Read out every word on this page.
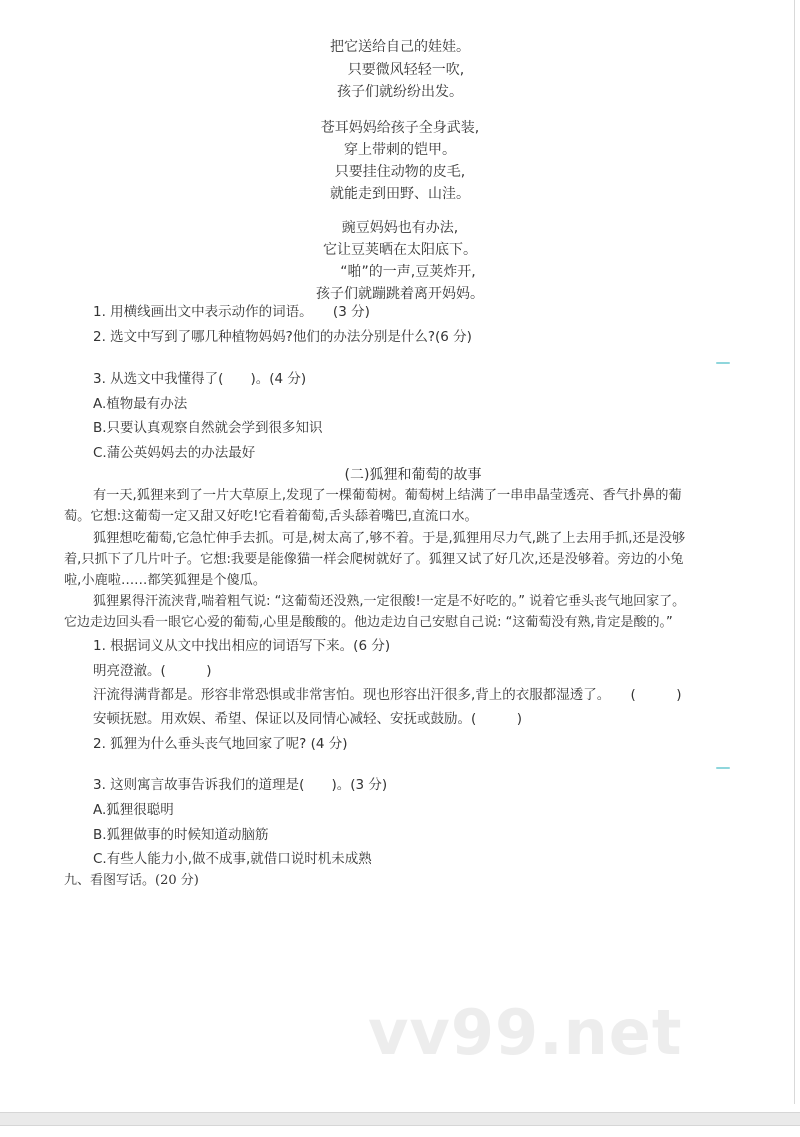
把它送给自己的娃娃。
只要微风轻轻一吹,
孩子们就纷纷出发。
苍耳妈妈给孩子全身武装,
穿上带刺的铠甲。
只要挂住动物的皮毛,
就能走到田野、山洼。
豌豆妈妈也有办法,
它让豆荚晒在太阳底下。
“啪”的一声,豆荚炸开,
孩子们就蹦跳着离开妈妈。
1. 用横线画出文中表示动作的词语。　　(3 分)
2. 选文中写到了哪几种植物妈妈?他们的办法分别是什么?(6 分)
3. 从选文中我懂得了(　　)。(4 分)
A.植物最有办法
B.只要认真观察自然就会学到很多知识
C.蒲公英妈妈去的办法最好
(二)狐狸和葡萄的故事
有一天,狐狸来到了一片大草原上,发现了一棵葡萄树。葡萄树上结满了一串串晶莹透亮、香气扑鼻的葡
萄。它想:这葡萄一定又甜又好吃!它看着葡萄,舌头舔着嘴巴,直流口水。
狐狸想吃葡萄,它急忙伸手去抓。可是,树太高了,够不着。于是,狐狸用尽力气,跳了上去用手抓,还是没够
着,只抓下了几片叶子。它想:我要是能像猫一样会爬树就好了。狐狸又试了好几次,还是没够着。旁边的小兔
啦,小鹿啦……都笑狐狸是个傻瓜。
狐狸累得汗流浃背,喘着粗气说: “这葡萄还没熟,一定很酸!一定是不好吃的。” 说着它垂头丧气地回家了。
它边走边回头看一眼它心爱的葡萄,心里是酸酸的。他边走边自己安慰自己说: “这葡萄没有熟,肯定是酸的。”
1. 根据词义从文中找出相应的词语写下来。(6 分)
明亮澄澈。(　　　)
汗流得满背都是。形容非常恐惧或非常害怕。现也形容出汗很多,背上的衣服都湿透了。　　(　　　)
安顿抚慰。用欢娱、希望、保证以及同情心减轻、安抚或鼓励。(　　　)
2. 狐狸为什么垂头丧气地回家了呢? (4 分)
3. 这则寓言故事告诉我们的道理是(　　)。(3 分)
A.狐狸很聪明
B.狐狸做事的时候知道动脑筋
C.有些人能力小,做不成事,就借口说时机未成熟
九、看图写话。(20 分)
vv99.net
